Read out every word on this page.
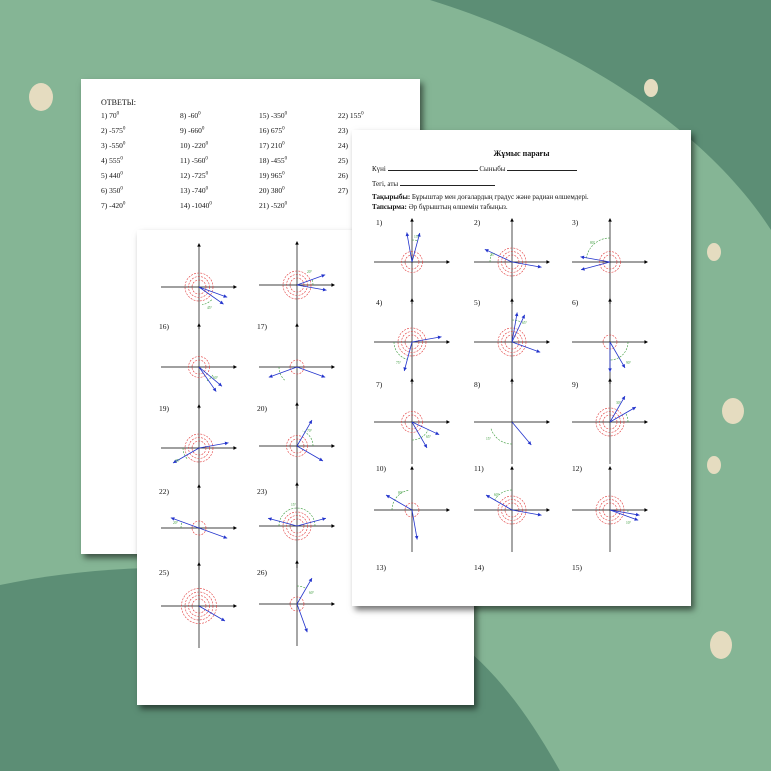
ОТВЕТЫ:
1) $70^0$
2) $-575^0$
3) $-550^0$
4) $555^0$
5) $440^0$
6) $350^0$
7) $-420^0$
8) $-60^0$
9) $-660^0$
10) $-220^0$
11) $-560^0$
12) $-725^0$
13) $-740^0$
14) -1040$^0$
15) $-350^0$
16) $675^0$
17) $210^0$
18) $-455^0$
19) $965^0$
20) $380^0$
21) $-520^0$
22) $155^0$
23)
24)
25)
26)
27)
45°
20°
60°
45°
70°
20°
15°
60°
16)	17)
19)	20)
22)	23)
25)	26)
Жұмыс парағы
Күні	Сыныбы
Тегі, аты
Тақырыбы: Бұрыштар мен доғалардың градус және радиан өлшемдері.
Тапсырма: Әр бұрыштың өлшемін табыңыз.
15°
25°
80°
75°
65°
90°
65°	15°
30°
80°	60°
10°
1)	2)	3)
4)	5)	6)
7)	8)	9)
10)	11)	12)
13)	14)	15)
